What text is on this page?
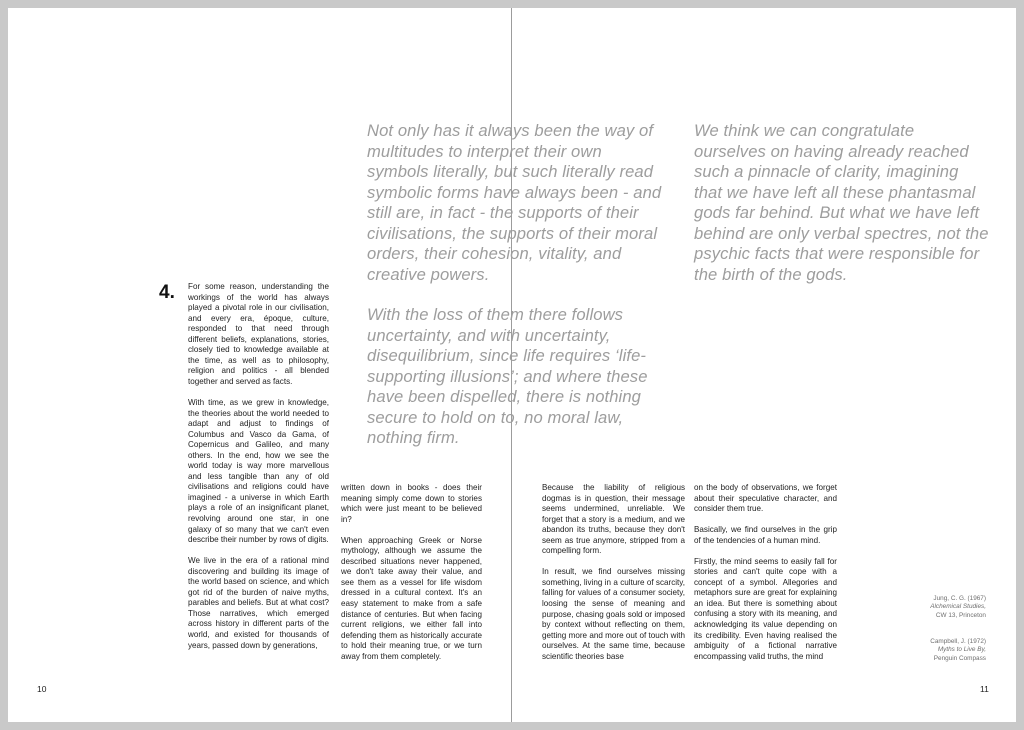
Not only has it always been the way of multitudes to interpret their own symbols literally, but such literally read symbolic forms have always been - and still are, in fact - the supports of their civilisations, the supports of their moral orders, their cohesion, vitality, and creative powers.

With the loss of them there follows uncertainty, and with uncertainty, disequilibrium, since life requires ‘life-supporting illusions’; and where these have been dispelled, there is nothing secure to hold on to, no moral law, nothing firm.

We think we can congratulate ourselves on having already reached such a pinnacle of clarity, imagining that we have left all these phantasmal gods far behind. But what we have left behind are only verbal spectres, not the psychic facts that were responsible for the birth of the gods.

4. For some reason, understanding the workings of the world has always played a pivotal role in our civilisation, and every era, époque, culture, responded to that need through different beliefs, explanations, stories, closely tied to knowledge available at the time, as well as to philosophy, religion and politics - all blended together and served as facts.

With time, as we grew in knowledge, the theories about the world needed to adapt and adjust to findings of Columbus and Vasco da Gama, of Copernicus and Galileo, and many others. In the end, how we see the world today is way more marvellous and less tangible than any of old civilisations and religions could have imagined - a universe in which Earth plays a role of an insignificant planet, revolving around one star, in one galaxy of so many that we can't even describe their number by rows of digits.

We live in the era of a rational mind discovering and building its image of the world based on science, and which got rid of the burden of naive myths, parables and beliefs. But at what cost? Those narratives, which emerged across history in different parts of the world, and existed for thousands of years, passed down by generations,

written down in books - does their meaning simply come down to stories which were just meant to be believed in?

When approaching Greek or Norse mythology, although we assume the described situations never happened, we don't take away their value, and see them as a vessel for life wisdom dressed in a cultural context. It's an easy statement to make from a safe distance of centuries. But when facing current religions, we either fall into defending them as historically accurate to hold their meaning true, or we turn away from them completely.

Because the liability of religious dogmas is in question, their message seems undermined, unreliable. We forget that a story is a medium, and we abandon its truths, because they don't seem as true anymore, stripped from a compelling form.

In result, we find ourselves missing something, living in a culture of scarcity, falling for values of a consumer society, loosing the sense of meaning and purpose, chasing goals sold or imposed by context without reflecting on them, getting more and more out of touch with ourselves. At the same time, because scientific theories base

on the body of observations, we forget about their speculative character, and consider them true.

Basically, we find ourselves in the grip of the tendencies of a human mind.

Firstly, the mind seems to easily fall for stories and can't quite cope with a concept of a symbol. Allegories and metaphors sure are great for explaining an idea. But there is something about confusing a story with its meaning, and acknowledging its value depending on its credibility. Even having realised the ambiguity of a fictional narrative encompassing valid truths, the mind

Jung, C. G. (1967)
Alchemical Studies,
CW 13, Princeton
Campbell, J. (1972)
Myths to Live By,
Penguin Compass
10	11
